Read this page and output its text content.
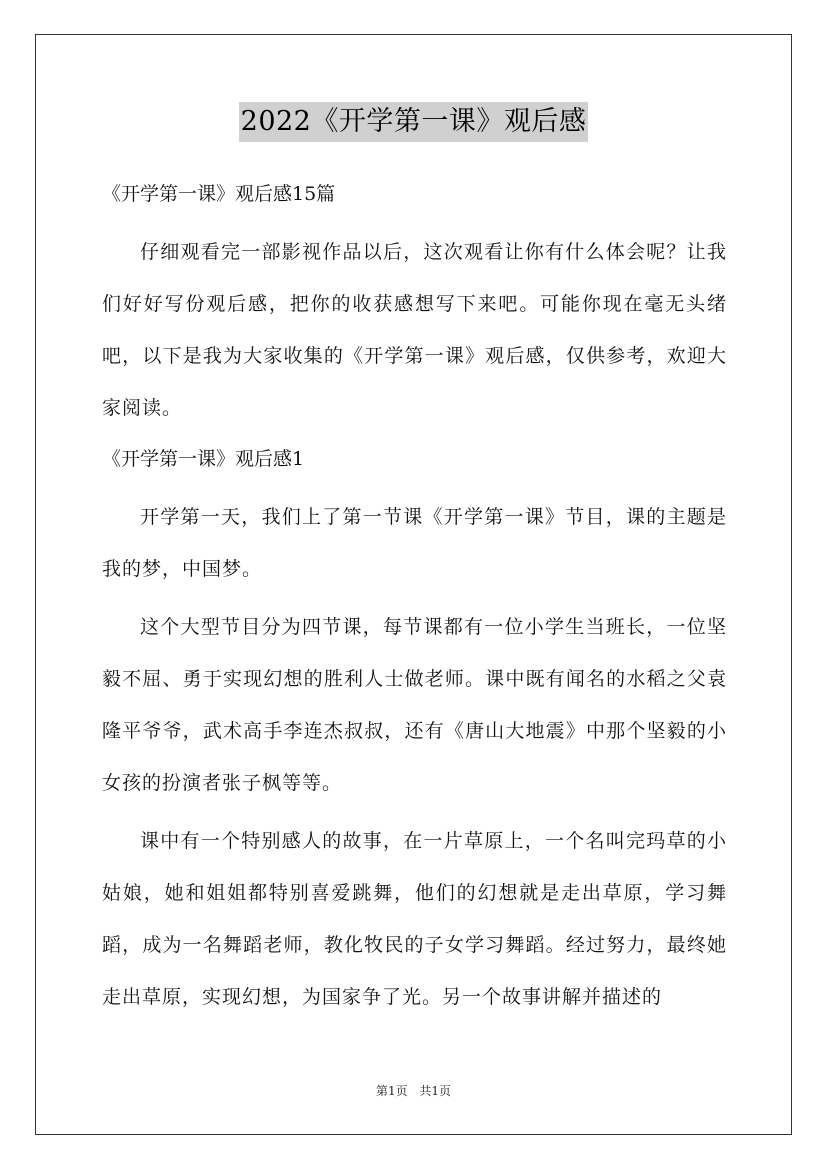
2022《开学第一课》观后感

《开学第一课》观后感15篇

仔细观看完一部影视作品以后，这次观看让你有什么体会呢？让我们好好写份观后感，把你的收获感想写下来吧。可能你现在毫无头绪吧，以下是我为大家收集的《开学第一课》观后感，仅供参考，欢迎大家阅读。

《开学第一课》观后感1

开学第一天，我们上了第一节课《开学第一课》节目，课的主题是我的梦，中国梦。

这个大型节目分为四节课，每节课都有一位小学生当班长，一位坚毅不屈、勇于实现幻想的胜利人士做老师。课中既有闻名的水稻之父袁隆平爷爷，武术高手李连杰叔叔，还有《唐山大地震》中那个坚毅的小女孩的扮演者张子枫等等。

课中有一个特别感人的故事，在一片草原上，一个名叫完玛草的小姑娘，她和姐姐都特别喜爱跳舞，他们的幻想就是走出草原，学习舞蹈，成为一名舞蹈老师，教化牧民的子女学习舞蹈。经过努力，最终她走出草原，实现幻想，为国家争了光。另一个故事讲解并描述的

第1页 共1页
